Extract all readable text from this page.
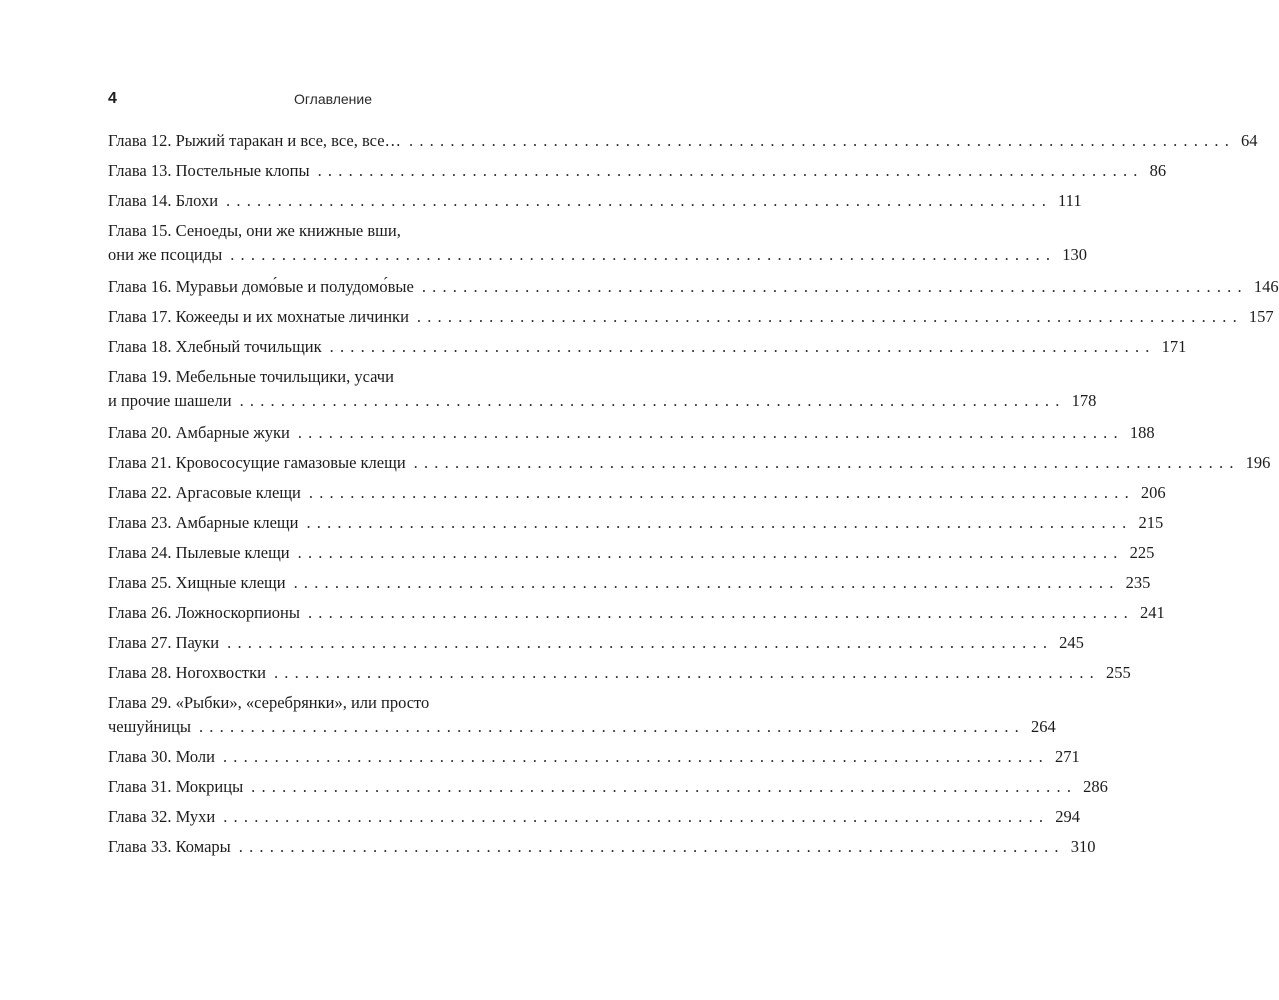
4	Оглавление
Глава 12. Рыжий таракан и все, все, все… ................................................................................ 64
Глава 13. Постельные клопы ................................................................................ 86
Глава 14. Блохи ................................................................................ 111
Глава 15. Сеноеды, они же книжные вши,
они же псоциды ................................................................................ 130
Глава 16. Муравьи домо́вые и полудомо́вые ................................................................................ 146
Глава 17. Кожееды и их мохнатые личинки ................................................................................ 157
Глава 18. Хлебный точильщик ................................................................................ 171
Глава 19. Мебельные точильщики, усачи
и прочие шашели ................................................................................ 178
Глава 20. Амбарные жуки ................................................................................ 188
Глава 21. Кровососущие гамазовые клещи ................................................................................ 196
Глава 22. Аргасовые клещи ................................................................................ 206
Глава 23. Амбарные клещи ................................................................................ 215
Глава 24. Пылевые клещи ................................................................................ 225
Глава 25. Хищные клещи ................................................................................ 235
Глава 26. Ложноскорпионы ................................................................................ 241
Глава 27. Пауки ................................................................................ 245
Глава 28. Ногохвостки ................................................................................ 255
Глава 29. «Рыбки», «серебрянки», или просто
чешуйницы ................................................................................ 264
Глава 30. Моли ................................................................................ 271
Глава 31. Мокрицы ................................................................................ 286
Глава 32. Мухи ................................................................................ 294
Глава 33. Комары ................................................................................ 310
